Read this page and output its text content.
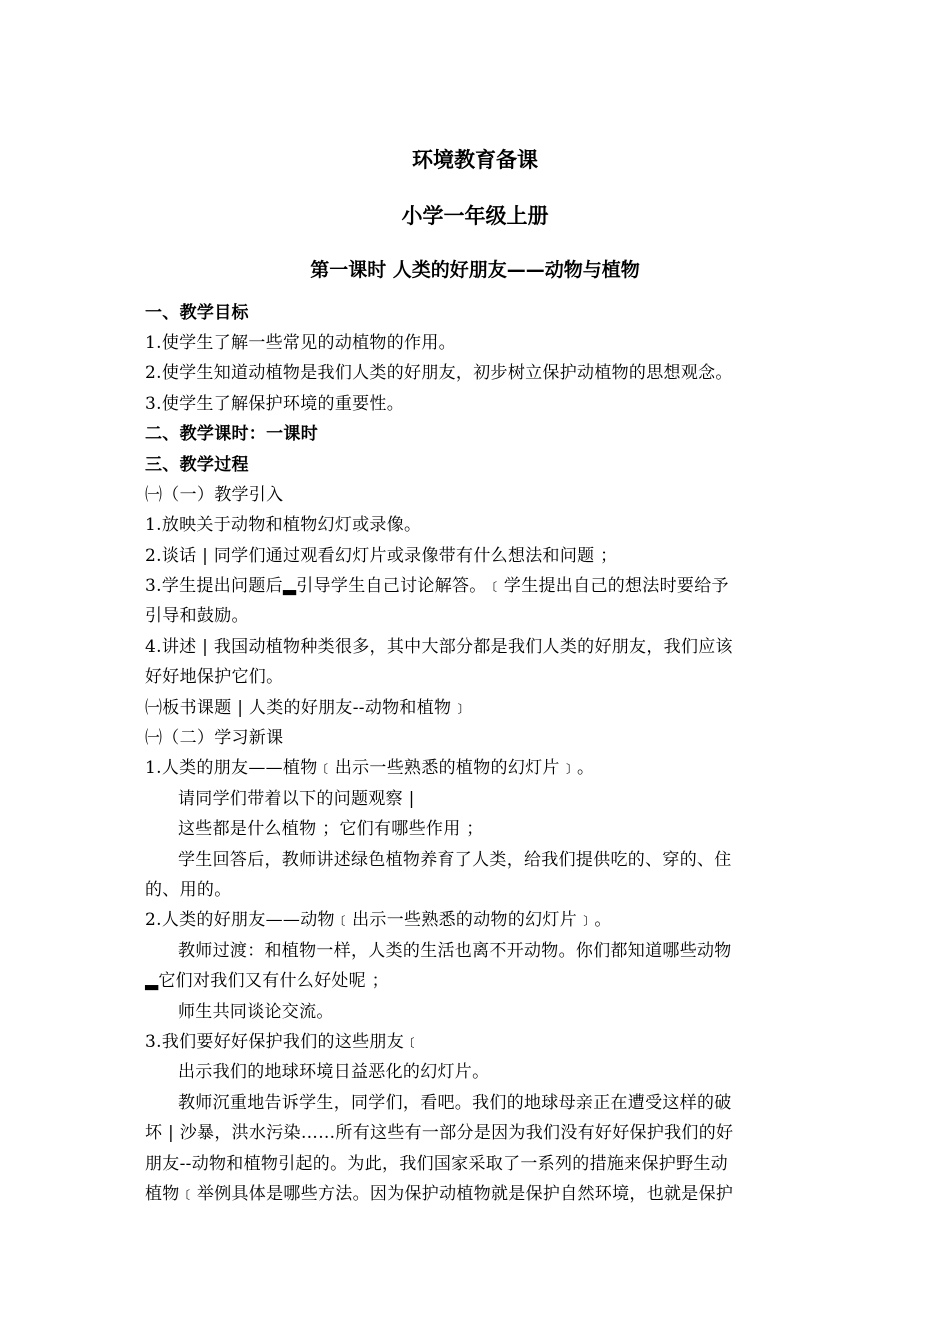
环境教育备课
小学一年级上册
第一课时 人类的好朋友——动物与植物

一、教学目标

1.使学生了解一些常见的动植物的作用。

2.使学生知道动植物是我们人类的好朋友，初步树立保护动植物的思想观念。

3.使学生了解保护环境的重要性。

二、教学课时：一课时

三、教学过程

㈠（一）教学引入

1.放映关于动物和植物幻灯或录像。

2.谈话 | 同学们通过观看幻灯片或录像带有什么想法和问题 ；

3.学生提出问题后▂引导学生自己讨论解答。﹝学生提出自己的想法时要给予

引导和鼓励。

4.讲述 | 我国动植物种类很多，其中大部分都是我们人类的好朋友，我们应该

好好地保护它们。

㈠板书课题 | 人类的好朋友--动物和植物﹞

㈠（二）学习新课

1.人类的朋友——植物﹝出示一些熟悉的植物的幻灯片﹞。

请同学们带着以下的问题观察 |

这些都是什么植物 ；它们有哪些作用 ；

学生回答后，教师讲述绿色植物养育了人类，给我们提供吃的、穿的、住

的、用的。

2.人类的好朋友——动物﹝出示一些熟悉的动物的幻灯片﹞。

教师过渡：和植物一样，人类的生活也离不开动物。你们都知道哪些动物

▂它们对我们又有什么好处呢 ；

师生共同谈论交流。

3.我们要好好保护我们的这些朋友﹝

出示我们的地球环境日益恶化的幻灯片。

教师沉重地告诉学生，同学们，看吧。我们的地球母亲正在遭受这样的破

坏 | 沙暴，洪水污染……所有这些有一部分是因为我们没有好好保护我们的好

朋友--动物和植物引起的。为此，我们国家采取了一系列的措施来保护野生动

植物﹝举例具体是哪些方法。因为保护动植物就是保护自然环境，也就是保护
